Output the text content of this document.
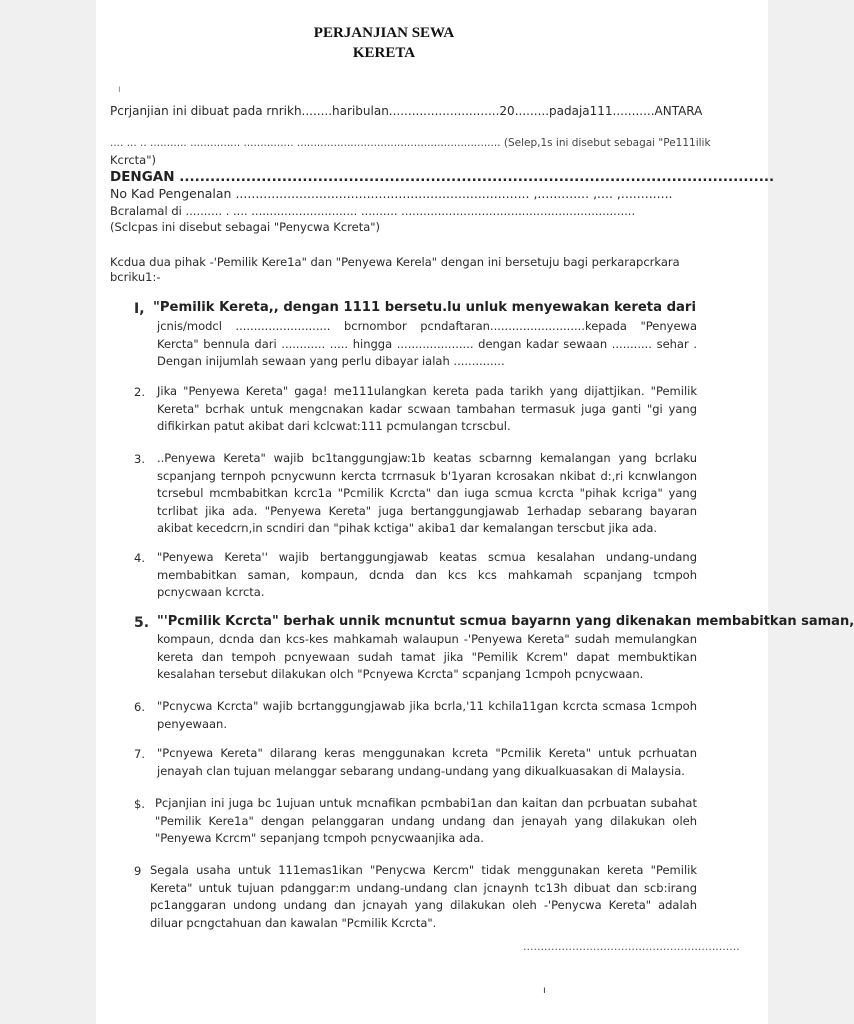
PERJANJIAN SEWA
KERETA
ı
Pcrjanjian ini dibuat pada rnrikh........haribulan.............................20.........padaja111...........ANTARA
.... ... .. ........... ............... ............... ............................................................. (Selep,1s ini disebut sebagai "Pe111ilik
Kcrcta")
DENGAN ....................................................................................................................
No Kad Pengenalan .......................................................................... ,............. ,.... ,.............
Bcralamal di .......... . .... ............................. .......... ................................................................
(Sclcpas ini disebut sebagai "Penycwa Kcreta")
Kcdua dua pihak -'Pemilik Kere1a" dan "Penyewa Kerela" dengan ini bersetuju bagi perkarapcrkara
bcriku1:-
I, "Pemilik Kereta,, dengan 1111 bersetu.lu unluk menyewakan kereta dari
jcnis/modcl .......................... bcrnombor pcndaftaran..........................kepada "Penyewa Kercta" bennula dari ............ ..... hingga ..................... dengan kadar sewaan ........... sehar . Dengan inijumlah sewaan yang perlu dibayar ialah ..............
2. Jika "Penyewa Kereta" gaga! me111ulangkan kereta pada tarikh yang dijattjikan. "Pemilik Kereta" bcrhak untuk mengcnakan kadar scwaan tambahan termasuk juga ganti "gi yang difikirkan patut akibat dari kclcwat:111 pcmulangan tcrscbul.
3. ..Penyewa Kereta" wajib bc1tanggungjaw:1b keatas scbarnng kemalangan yang bcrlaku scpanjang ternpoh pcnycwunn kercta tcrrnasuk b'1yaran kcrosakan nkibat d:,ri kcnwlangon tcrsebul mcmbabitkan kcrc1a "Pcmilik Kcrcta" dan iuga scmua kcrcta "pihak kcriga" yang tcrlibat jika ada. "Penyewa Kereta" juga bertanggungjawab 1erhadap sebarang bayaran akibat kecedcrn,in scndiri dan "pihak kctiga" akiba1 dar kemalangan terscbut jika ada.
4. "Penyewa Kereta'' wajib bertanggungjawab keatas scmua kesalahan undang-undang membabitkan saman, kompaun, dcnda dan kcs kcs mahkamah scpanjang tcmpoh pcnycwaan kcrcta.
5. "'Pcmilik Kcrcta" berhak unnik mcnuntut scmua bayarnn yang dikenakan membabitkan saman,
kompaun, dcnda dan kcs-kes mahkamah walaupun -'Penyewa Kereta" sudah memulangkan kereta dan tempoh pcnyewaan sudah tamat jika "Pemilik Kcrem" dapat membuktikan kesalahan tersebut dilakukan olch "Pcnyewa Kcrcta" scpanjang 1cmpoh pcnycwaan.
6. "Pcnycwa Kcrcta" wajib bcrtanggungjawab jika bcrla,'11 kchila11gan kcrcta scmasa 1cmpoh penyewaan.
7. "Pcnyewa Kereta" dilarang keras menggunakan kcreta "Pcmilik Kereta" untuk pcrhuatan jenayah clan tujuan melanggar sebarang undang-undang yang dikualkuasakan di Malaysia.
$. Pcjanjian ini juga bc 1ujuan untuk mcnafikan pcmbabi1an dan kaitan dan pcrbuatan subahat "Pemilik Kere1a" dengan pelanggaran undang undang dan jenayah yang dilakukan oleh "Penyewa Kcrcm" sepanjang tcmpoh pcnycwaanjika ada.
9 Segala usaha untuk 111emas1ikan "Penycwa Kercm" tidak menggunakan kereta "Pemilik Kereta" untuk tujuan pdanggar:m undang-undang clan jcnaynh tc13h dibuat dan scb:irang pc1anggaran undong undang dan jcnayah yang dilakukan oleh -'Penycwa Kereta" adalah diluar pcngctahuan dan kawalan "Pcmilik Kcrcta".
..............................................................
ı
